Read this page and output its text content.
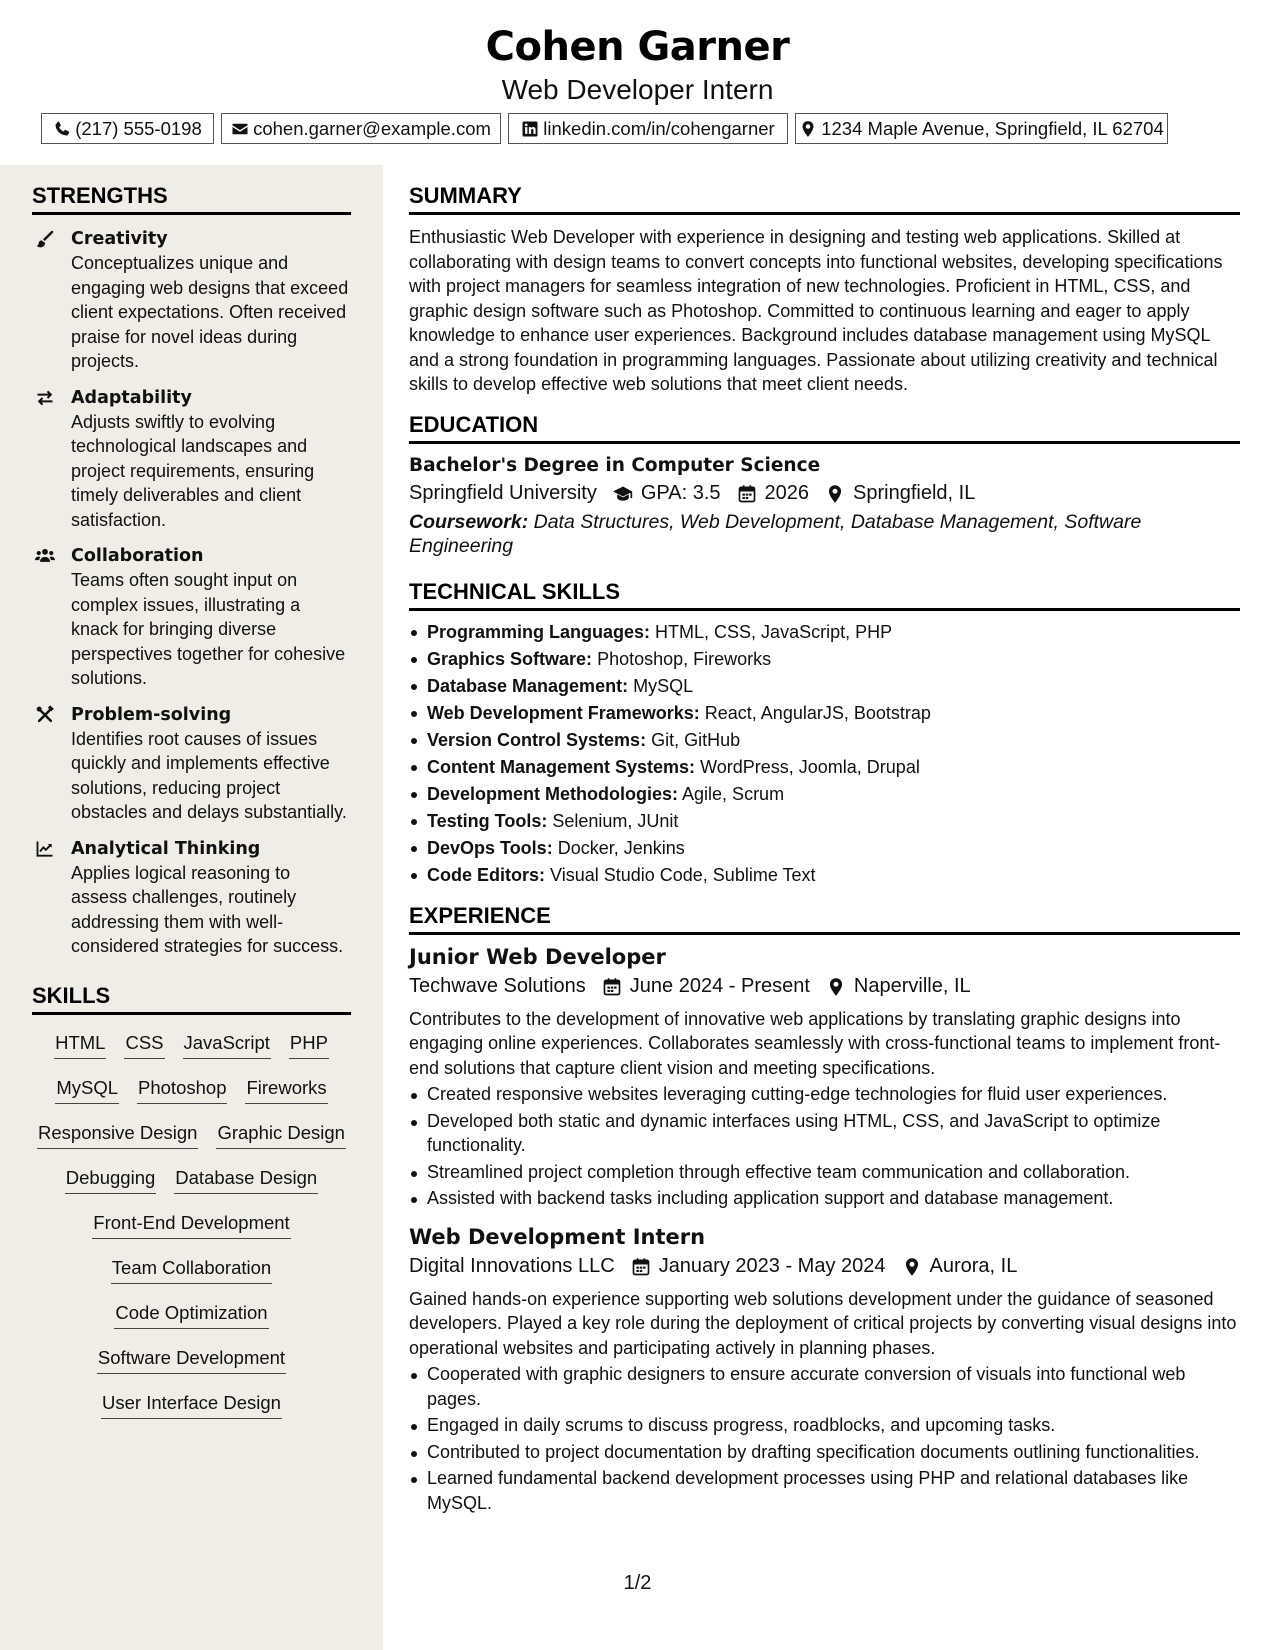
Cohen Garner
Web Developer Intern
(217) 555-0198	cohen.garner@example.com	linkedin.com/in/cohengarner	1234 Maple Avenue, Springfield, IL 62704
STRENGTHS
Creativity
Conceptualizes unique and engaging web designs that exceed client expectations. Often received praise for novel ideas during projects.
Adaptability
Adjusts swiftly to evolving technological landscapes and project requirements, ensuring timely deliverables and client satisfaction.
Collaboration
Teams often sought input on complex issues, illustrating a knack for bringing diverse perspectives together for cohesive solutions.
Problem-solving
Identifies root causes of issues quickly and implements effective solutions, reducing project obstacles and delays substantially.
Analytical Thinking
Applies logical reasoning to assess challenges, routinely addressing them with well-considered strategies for success.
SKILLS
HTML CSS JavaScript PHP
MySQL Photoshop Fireworks
Responsive Design Graphic Design
Debugging Database Design
Front-End Development
Team Collaboration
Code Optimization
Software Development
User Interface Design
SUMMARY
Enthusiastic Web Developer with experience in designing and testing web applications. Skilled at collaborating with design teams to convert concepts into functional websites, developing specifications with project managers for seamless integration of new technologies. Proficient in HTML, CSS, and graphic design software such as Photoshop. Committed to continuous learning and eager to apply knowledge to enhance user experiences. Background includes database management using MySQL and a strong foundation in programming languages. Passionate about utilizing creativity and technical skills to develop effective web solutions that meet client needs.
EDUCATION
Bachelor's Degree in Computer Science
Springfield University GPA: 3.5 2026 Springfield, IL
Coursework: Data Structures, Web Development, Database Management, Software Engineering
TECHNICAL SKILLS
Programming Languages: HTML, CSS, JavaScript, PHP
Graphics Software: Photoshop, Fireworks
Database Management: MySQL
Web Development Frameworks: React, AngularJS, Bootstrap
Version Control Systems: Git, GitHub
Content Management Systems: WordPress, Joomla, Drupal
Development Methodologies: Agile, Scrum
Testing Tools: Selenium, JUnit
DevOps Tools: Docker, Jenkins
Code Editors: Visual Studio Code, Sublime Text
EXPERIENCE
Junior Web Developer
Techwave Solutions June 2024 - Present Naperville, IL
Contributes to the development of innovative web applications by translating graphic designs into engaging online experiences. Collaborates seamlessly with cross-functional teams to implement front-end solutions that capture client vision and meeting specifications.
Created responsive websites leveraging cutting-edge technologies for fluid user experiences.
Developed both static and dynamic interfaces using HTML, CSS, and JavaScript to optimize functionality.
Streamlined project completion through effective team communication and collaboration.
Assisted with backend tasks including application support and database management.
Web Development Intern
Digital Innovations LLC January 2023 - May 2024 Aurora, IL
Gained hands-on experience supporting web solutions development under the guidance of seasoned developers. Played a key role during the deployment of critical projects by converting visual designs into operational websites and participating actively in planning phases.
Cooperated with graphic designers to ensure accurate conversion of visuals into functional web pages.
Engaged in daily scrums to discuss progress, roadblocks, and upcoming tasks.
Contributed to project documentation by drafting specification documents outlining functionalities.
Learned fundamental backend development processes using PHP and relational databases like MySQL.
1/2
